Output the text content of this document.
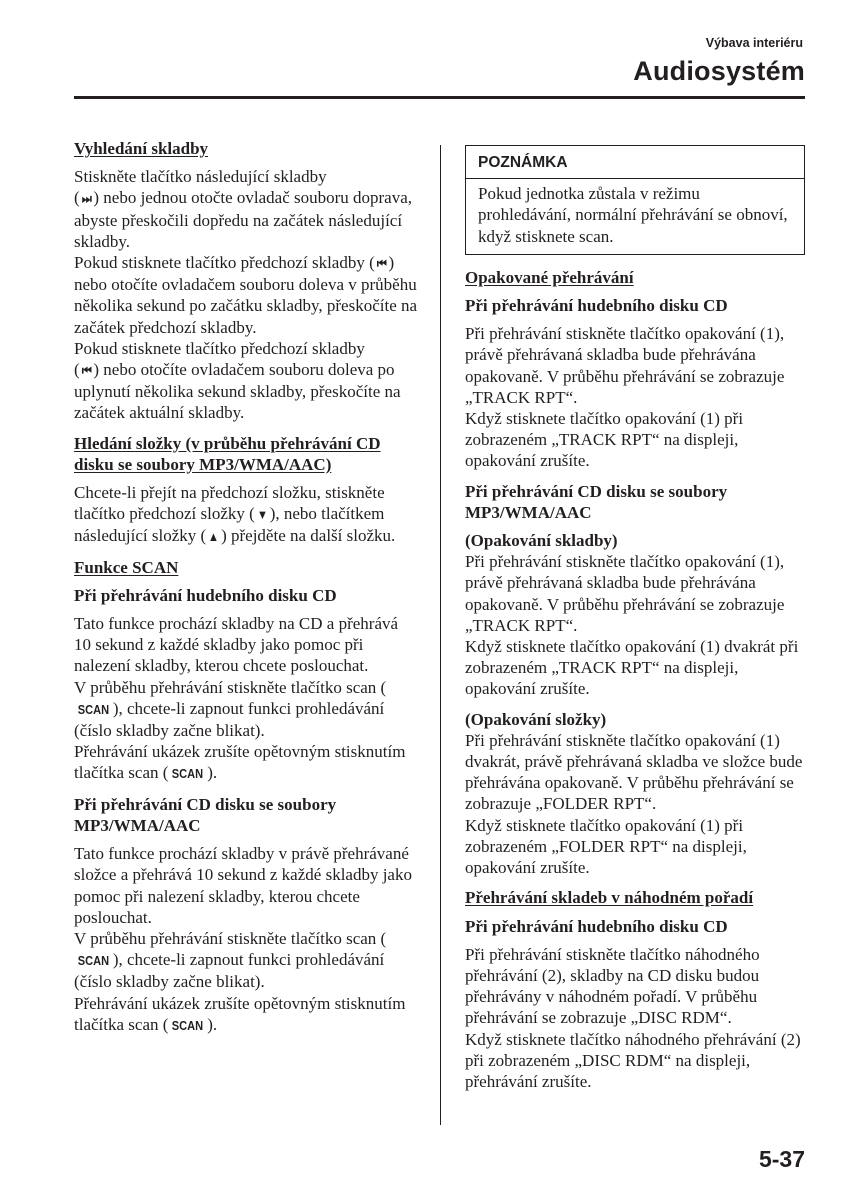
Výbava interiéru
Audiosystém

Vyhledání skladby

Stiskněte tlačítko následující skladby
( ⏭ ) nebo jednou otočte ovladač souboru doprava, abyste přeskočili dopředu na začátek následující skladby.

Pokud stisknete tlačítko předchozí skladby ( ⏮ ) nebo otočíte ovladačem souboru doleva v průběhu několika sekund po začátku skladby, přeskočíte na začátek předchozí skladby.

Pokud stisknete tlačítko předchozí skladby
( ⏮ ) nebo otočíte ovladačem souboru doleva po uplynutí několika sekund skladby, přeskočíte na začátek aktuální skladby.

Hledání složky (v průběhu přehrávání CD disku se soubory MP3/WMA/AAC)

Chcete-li přejít na předchozí složku, stiskněte tlačítko předchozí složky ( ▼ ), nebo tlačítkem následující složky ( ▲ ) přejděte na další složku.

Funkce SCAN

Při přehrávání hudebního disku CD

Tato funkce prochází skladby na CD a přehrává 10 sekund z každé skladby jako pomoc při nalezení skladby, kterou chcete poslouchat.

V průběhu přehrávání stiskněte tlačítko scan (SCAN ), chcete-li zapnout funkci prohledávání (číslo skladby začne blikat).

Přehrávání ukázek zrušíte opětovným stisknutím tlačítka scan ( SCAN ).

Při přehrávání CD disku se soubory MP3/WMA/AAC

Tato funkce prochází skladby v právě přehrávané složce a přehrává 10 sekund z každé skladby jako pomoc při nalezení skladby, kterou chcete poslouchat.

V průběhu přehrávání stiskněte tlačítko scan (SCAN ), chcete-li zapnout funkci prohledávání (číslo skladby začne blikat).

Přehrávání ukázek zrušíte opětovným stisknutím tlačítka scan ( SCAN ).

POZNÁMKA
Pokud jednotka zůstala v režimu prohledávání, normální přehrávání se obnoví, když stisknete scan.

Opakované přehrávání

Při přehrávání hudebního disku CD

Při přehrávání stiskněte tlačítko opakování (1), právě přehrávaná skladba bude přehrávána opakovaně. V průběhu přehrávání se zobrazuje „TRACK RPT“.

Když stisknete tlačítko opakování (1) při zobrazeném „TRACK RPT“ na displeji, opakování zrušíte.

Při přehrávání CD disku se soubory MP3/WMA/AAC

(Opakování skladby)

Při přehrávání stiskněte tlačítko opakování (1), právě přehrávaná skladba bude přehrávána opakovaně. V průběhu přehrávání se zobrazuje „TRACK RPT“.

Když stisknete tlačítko opakování (1) dvakrát při zobrazeném „TRACK RPT“ na displeji, opakování zrušíte.

(Opakování složky)

Při přehrávání stiskněte tlačítko opakování (1) dvakrát, právě přehrávaná skladba ve složce bude přehrávána opakovaně. V průběhu přehrávání se zobrazuje „FOLDER RPT“.

Když stisknete tlačítko opakování (1) při zobrazeném „FOLDER RPT“ na displeji, opakování zrušíte.

Přehrávání skladeb v náhodném pořadí

Při přehrávání hudebního disku CD

Při přehrávání stiskněte tlačítko náhodného přehrávání (2), skladby na CD disku budou přehrávány v náhodném pořadí. V průběhu přehrávání se zobrazuje „DISC RDM“.

Když stisknete tlačítko náhodného přehrávání (2) při zobrazeném „DISC RDM“ na displeji, přehrávání zrušíte.

5-37
